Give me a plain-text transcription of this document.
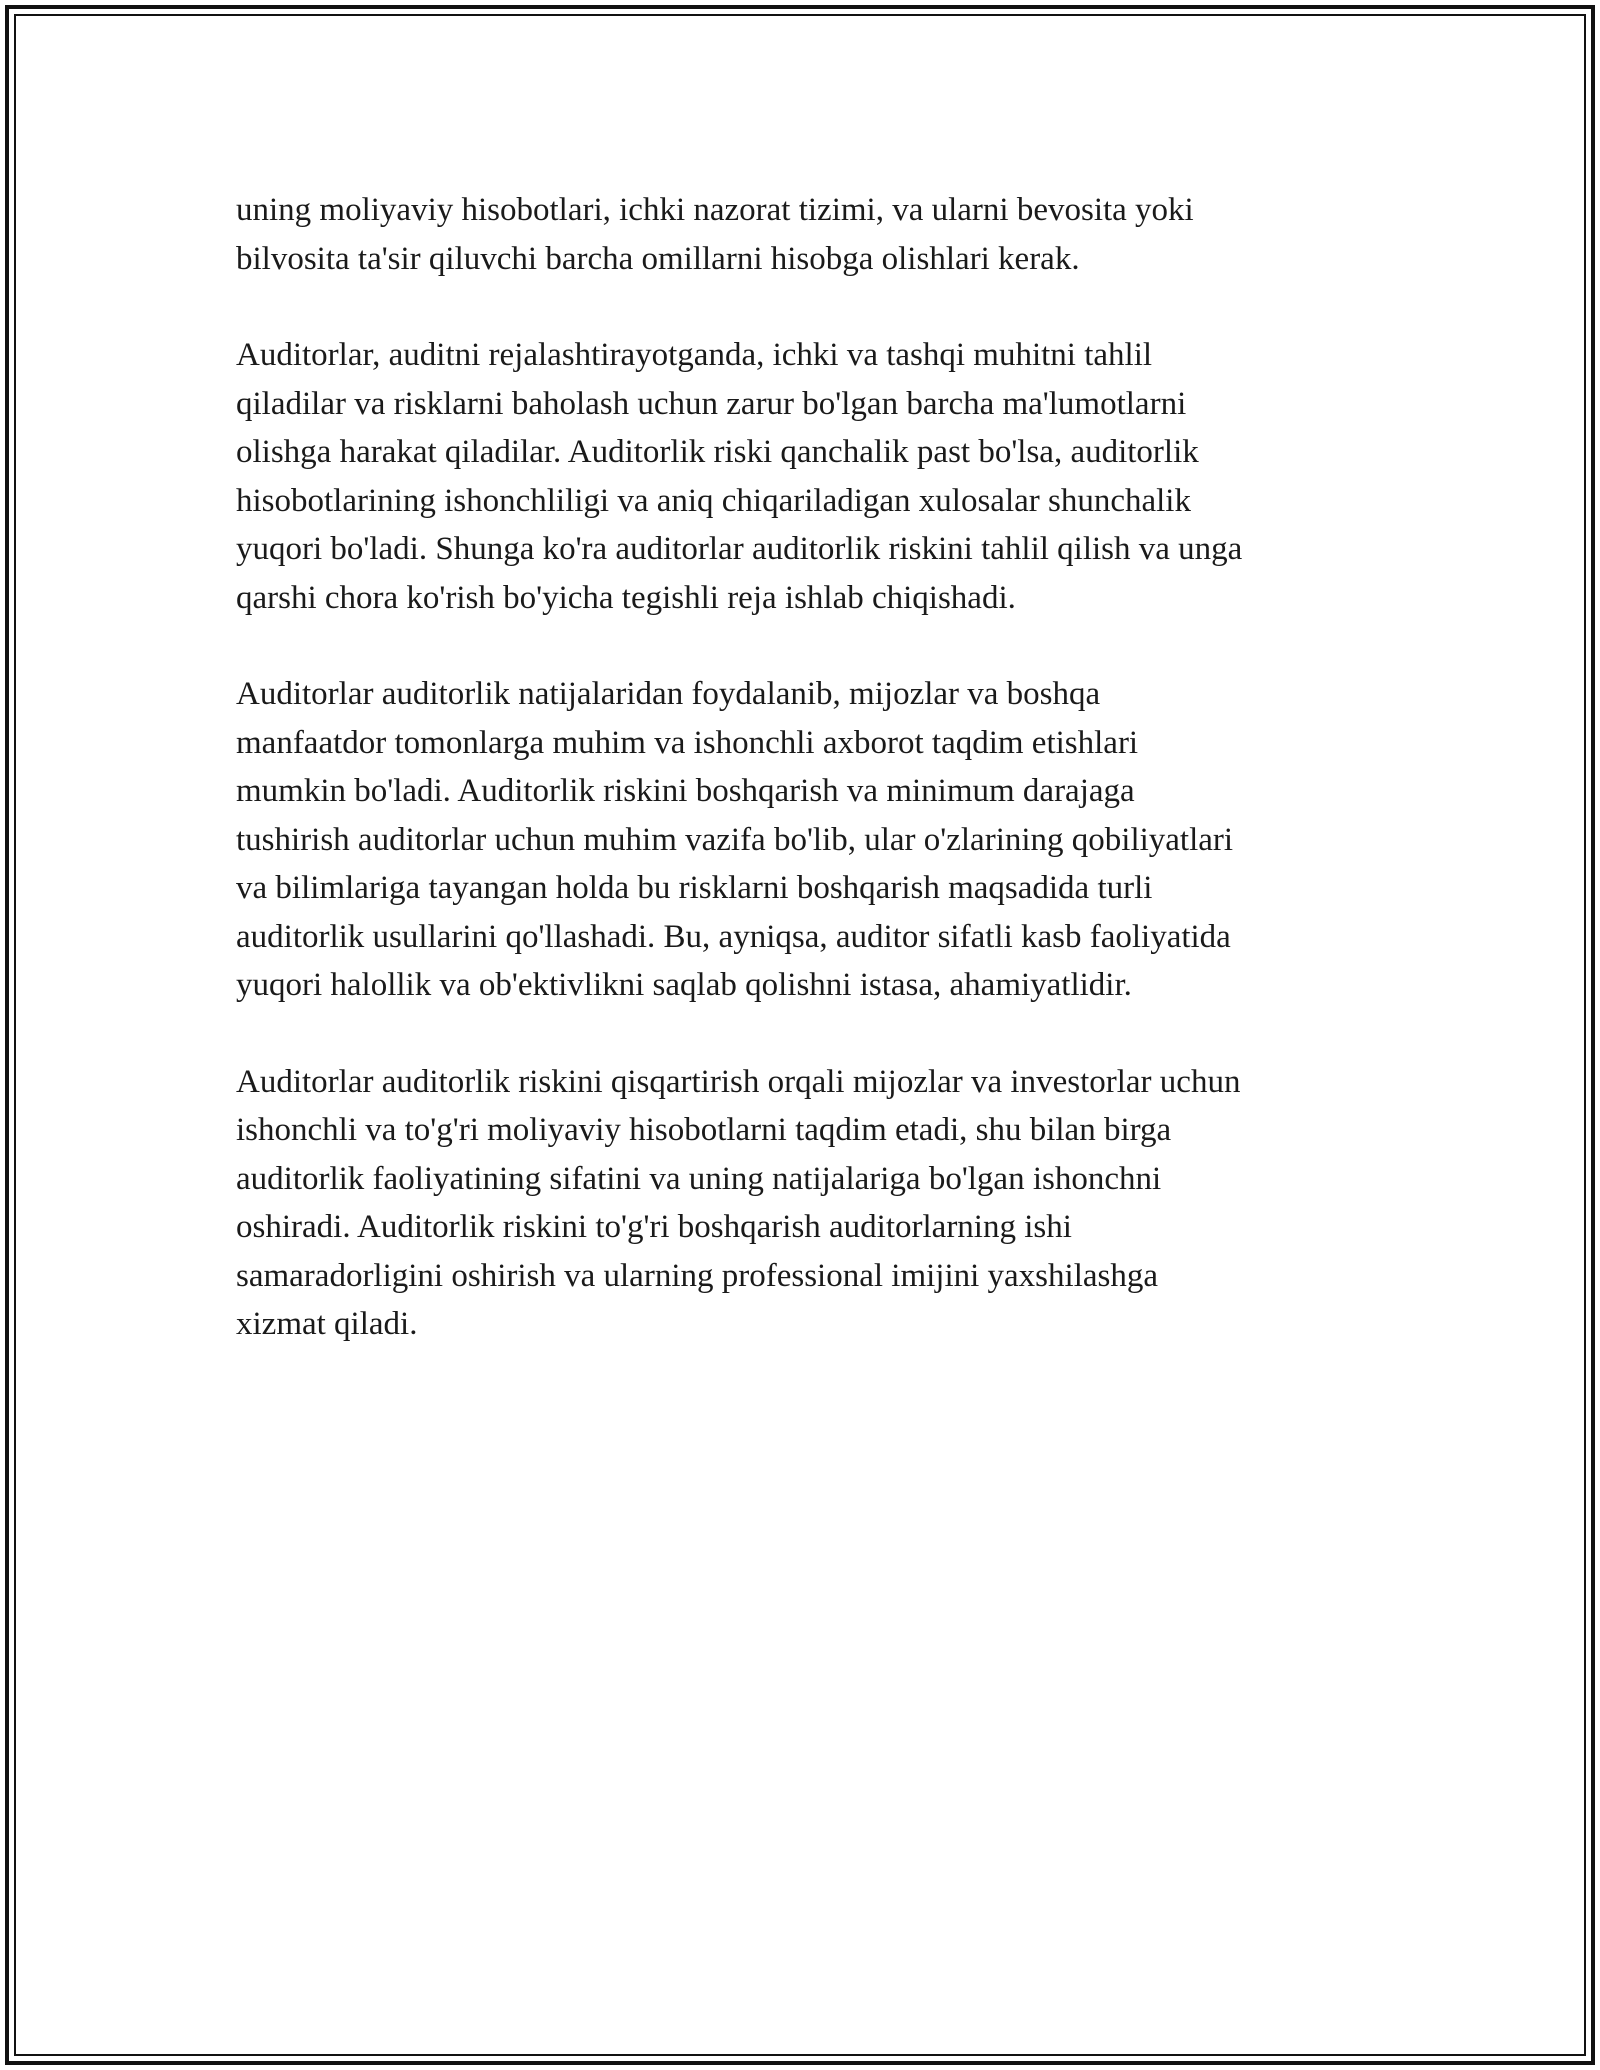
uning moliyaviy hisobotlari, ichki nazorat tizimi, va ularni bevosita yoki
bilvosita ta'sir qiluvchi barcha omillarni hisobga olishlari kerak.

Auditorlar, auditni rejalashtirayotganda, ichki va tashqi muhitni tahlil
qiladilar va risklarni baholash uchun zarur bo'lgan barcha ma'lumotlarni
olishga harakat qiladilar. Auditorlik riski qanchalik past bo'lsa, auditorlik
hisobotlarining ishonchliligi va aniq chiqariladigan xulosalar shunchalik
yuqori bo'ladi. Shunga ko'ra auditorlar auditorlik riskini tahlil qilish va unga
qarshi chora ko'rish bo'yicha tegishli reja ishlab chiqishadi.

Auditorlar auditorlik natijalaridan foydalanib, mijozlar va boshqa
manfaatdor tomonlarga muhim va ishonchli axborot taqdim etishlari
mumkin bo'ladi. Auditorlik riskini boshqarish va minimum darajaga
tushirish auditorlar uchun muhim vazifa bo'lib, ular o'zlarining qobiliyatlari
va bilimlariga tayangan holda bu risklarni boshqarish maqsadida turli
auditorlik usullarini qo'llashadi. Bu, ayniqsa, auditor sifatli kasb faoliyatida
yuqori halollik va ob'ektivlikni saqlab qolishni istasa, ahamiyatlidir.

Auditorlar auditorlik riskini qisqartirish orqali mijozlar va investorlar uchun
ishonchli va to'g'ri moliyaviy hisobotlarni taqdim etadi, shu bilan birga
auditorlik faoliyatining sifatini va uning natijalariga bo'lgan ishonchni
oshiradi. Auditorlik riskini to'g'ri boshqarish auditorlarning ishi
samaradorligini oshirish va ularning professional imijini yaxshilashga
xizmat qiladi.
